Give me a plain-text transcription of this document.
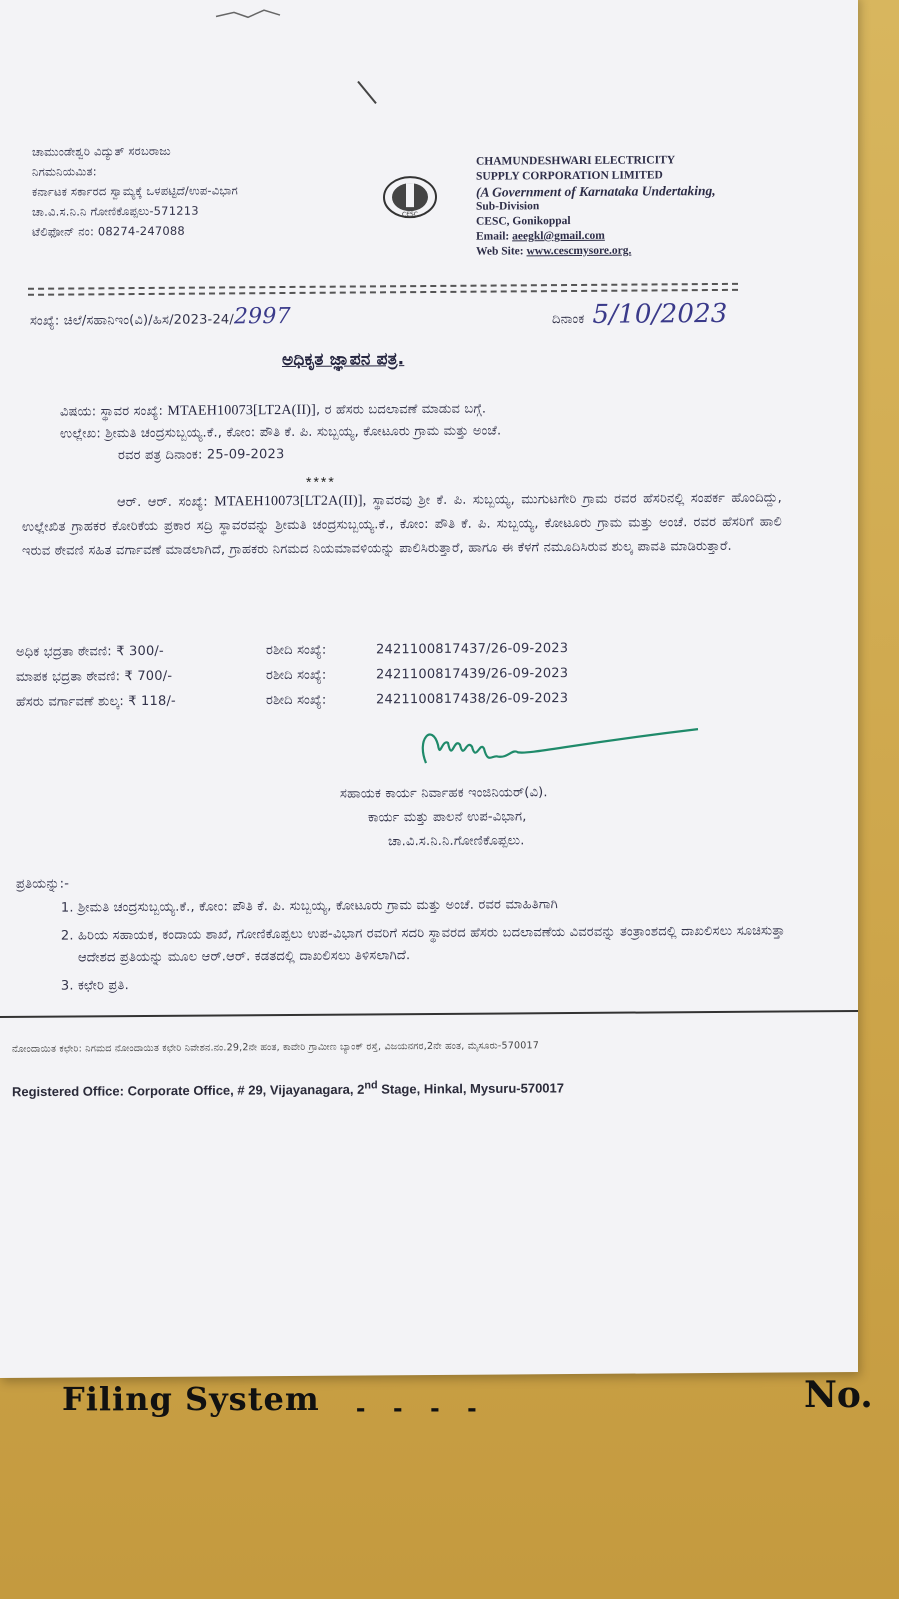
ಚಾಮುಂಡೇಶ್ವರಿ ವಿದ್ಯುತ್ ಸರಬರಾಜು
ನಿಗಮನಿಯಮಿತ:
ಕರ್ನಾಟಕ ಸರ್ಕಾರದ ಸ್ವಾಮ್ಯಕ್ಕೆ ಒಳಪಟ್ಟಿದೆ/ಉಪ-ವಿಭಾಗ
ಚಾ.ವಿ.ಸ.ನಿ.ನಿ ಗೋಣಿಕೊಪ್ಪಲು-571213
ಟೆಲಿಫೋನ್ ನಂ: 08274-247088
CESC
CHAMUNDESHWARI ELECTRICITY
SUPPLY CORPORATION LIMITED
(A Government of Karnataka Undertaking,
Sub-Division
CESC, Gonikoppal
Email: aeegkl@gmail.com
Web Site: www.cescmysore.org.
ಸಂಖ್ಯೆ: ಚಿಲೆ/ಸಹಾನಿಇಂ(ವಿ)/ಹಿಸ/2023-24/2997	ದಿನಾಂಕ 5/10/2023
ಅಧಿಕೃತ ಜ್ಞಾಪನ ಪತ್ರ.
ವಿಷಯ: ಸ್ಥಾವರ ಸಂಖ್ಯೆ: MTAEH10073[LT2A(II)], ರ ಹೆಸರು ಬದಲಾವಣೆ ಮಾಡುವ ಬಗ್ಗೆ.
ಉಲ್ಲೇಖ: ಶ್ರೀಮತಿ ಚಂದ್ರಸುಬ್ಬಯ್ಯ.ಕೆ., ಕೋಂ: ಪೌತಿ ಕೆ. ಪಿ. ಸುಬ್ಬಯ್ಯ, ಕೋಟೂರು ಗ್ರಾಮ ಮತ್ತು ಅಂಚೆ.
ರವರ ಪತ್ರ ದಿನಾಂಕ: 25-09-2023
****

ಆರ್. ಆರ್. ಸಂಖ್ಯೆ: MTAEH10073[LT2A(II)], ಸ್ಥಾವರವು ಶ್ರೀ ಕೆ. ಪಿ. ಸುಬ್ಬಯ್ಯ, ಮುಗುಟಗೇರಿ ಗ್ರಾಮ ರವರ ಹೆಸರಿನಲ್ಲಿ ಸಂಪರ್ಕ ಹೊಂದಿದ್ದು, ಉಲ್ಲೇಖಿತ ಗ್ರಾಹಕರ ಕೋರಿಕೆಯ ಪ್ರಕಾರ ಸದ್ರಿ ಸ್ಥಾವರವನ್ನು ಶ್ರೀಮತಿ ಚಂದ್ರಸುಬ್ಬಯ್ಯ.ಕೆ., ಕೋಂ: ಪೌತಿ ಕೆ. ಪಿ. ಸುಬ್ಬಯ್ಯ, ಕೋಟೂರು ಗ್ರಾಮ ಮತ್ತು ಅಂಚೆ. ರವರ ಹೆಸರಿಗೆ ಹಾಲಿ ಇರುವ ಠೇವಣಿ ಸಹಿತ ವರ್ಗಾವಣೆ ಮಾಡಲಾಗಿದೆ, ಗ್ರಾಹಕರು ನಿಗಮದ ನಿಯಮಾವಳಿಯನ್ನು ಪಾಲಿಸಿರುತ್ತಾರೆ, ಹಾಗೂ ಈ ಕೆಳಗೆ ನಮೂದಿಸಿರುವ ಶುಲ್ಕ ಪಾವತಿ ಮಾಡಿರುತ್ತಾರೆ.

ಅಧಿಕ ಭದ್ರತಾ ಠೇವಣಿ: ₹ 300/-	ರಶೀದಿ ಸಂಖ್ಯೆ:	2421100817437/26-09-2023
ಮಾಪಕ ಭದ್ರತಾ ಠೇವಣಿ: ₹ 700/-	ರಶೀದಿ ಸಂಖ್ಯೆ:	2421100817439/26-09-2023
ಹೆಸರು ವರ್ಗಾವಣೆ ಶುಲ್ಕ: ₹ 118/-	ರಶೀದಿ ಸಂಖ್ಯೆ:	2421100817438/26-09-2023
ಸಹಾಯಕ ಕಾರ್ಯ ನಿರ್ವಾಹಕ ಇಂಜಿನಿಯರ್(ವಿ).
ಕಾರ್ಯ ಮತ್ತು ಪಾಲನೆ ಉಪ-ವಿಭಾಗ,
ಚಾ.ವಿ.ಸ.ನಿ.ನಿ.ಗೋಣಿಕೊಪ್ಪಲು.
ಪ್ರತಿಯನ್ನು:-
1. ಶ್ರೀಮತಿ ಚಂದ್ರಸುಬ್ಬಯ್ಯ.ಕೆ., ಕೋಂ: ಪೌತಿ ಕೆ. ಪಿ. ಸುಬ್ಬಯ್ಯ, ಕೋಟೂರು ಗ್ರಾಮ ಮತ್ತು ಅಂಚೆ. ರವರ ಮಾಹಿತಿಗಾಗಿ
2. ಹಿರಿಯ ಸಹಾಯಕ, ಕಂದಾಯ ಶಾಖೆ, ಗೋಣಿಕೊಪ್ಪಲು ಉಪ-ವಿಭಾಗ ರವರಿಗೆ ಸದರಿ ಸ್ಥಾವರದ ಹೆಸರು ಬದಲಾವಣೆಯ ವಿವರವನ್ನು ತಂತ್ರಾಂಶದಲ್ಲಿ ದಾಖಲಿಸಲು ಸೂಚಿಸುತ್ತಾ ಆದೇಶದ ಪ್ರತಿಯನ್ನು ಮೂಲ ಆರ್.ಆರ್. ಕಡತದಲ್ಲಿ ದಾಖಲಿಸಲು ತಿಳಿಸಲಾಗಿದೆ.
3. ಕಛೇರಿ ಪ್ರತಿ.
ನೋಂದಾಯಿತ ಕಛೇರಿ: ನಿಗಮದ ನೋಂದಾಯಿತ ಕಛೇರಿ ನಿವೇಶನ.ನಂ.29,2ನೇ ಹಂತ, ಕಾವೇರಿ ಗ್ರಾಮೀಣ ಬ್ಯಾಂಕ್ ರಸ್ತೆ, ವಿಜಯನಗರ,2ನೇ ಹಂತ, ಮೈಸೂರು-570017
Registered Office: Corporate Office, # 29, Vijayanagara, 2nd Stage, Hinkal, Mysuru-570017
Filing System - - - -	No.
